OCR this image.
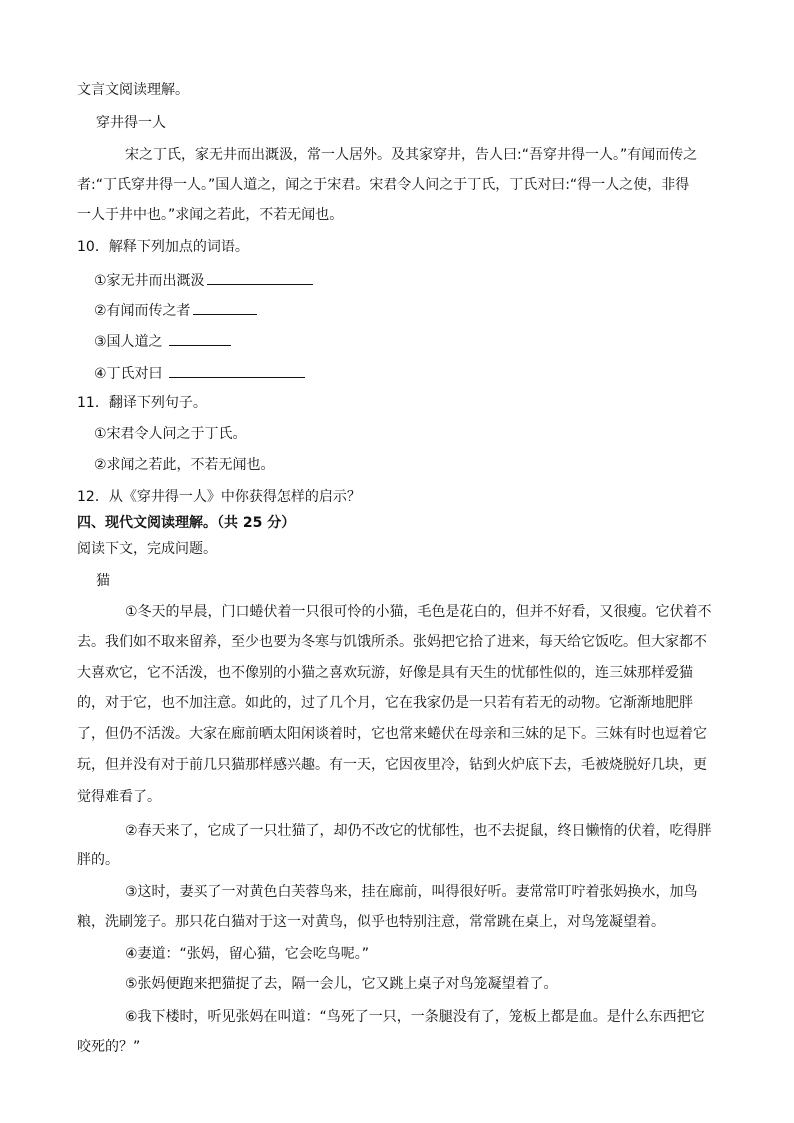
文言文阅读理解。
穿井得一人
宋之丁氏，家无井而出溉汲，常一人居外。及其家穿井，告人曰:“吾穿井得一人。”有闻而传之
者:“丁氏穿井得一人。”国人道之，闻之于宋君。宋君令人问之于丁氏，丁氏对曰:“得一人之使，非得
一人于井中也。”求闻之若此，不若无闻也。
10．解释下列加点的词语。
①家无井而出溉汲
②有闻而传之者
③国人道之
④丁氏对曰
11．翻译下列句子。
①宋君令人问之于丁氏。
②求闻之若此，不若无闻也。
12．从《穿井得一人》中你获得怎样的启示？
四、现代文阅读理解。（共 25 分）
阅读下文，完成问题。
猫
①冬天的早晨，门口蜷伏着一只很可怜的小猫，毛色是花白的，但并不好看，又很瘦。它伏着不
去。我们如不取来留养，至少也要为冬寒与饥饿所杀。张妈把它拾了进来，每天给它饭吃。但大家都不
大喜欢它，它不活泼，也不像别的小猫之喜欢玩游，好像是具有天生的忧郁性似的，连三妹那样爱猫
的，对于它，也不加注意。如此的，过了几个月，它在我家仍是一只若有若无的动物。它渐渐地肥胖
了，但仍不活泼。大家在廊前晒太阳闲谈着时，它也常来蜷伏在母亲和三妹的足下。三妹有时也逗着它
玩，但并没有对于前几只猫那样感兴趣。有一天，它因夜里冷，钻到火炉底下去，毛被烧脱好几块，更
觉得难看了。
②春天来了，它成了一只壮猫了，却仍不改它的忧郁性，也不去捉鼠，终日懒惰的伏着，吃得胖
胖的。
③这时，妻买了一对黄色白芙蓉鸟来，挂在廊前，叫得很好听。妻常常叮咛着张妈换水，加鸟
粮，洗刷笼子。那只花白猫对于这一对黄鸟，似乎也特别注意，常常跳在桌上，对鸟笼凝望着。
④妻道：“张妈，留心猫，它会吃鸟呢。”
⑤张妈便跑来把猫捉了去，隔一会儿，它又跳上桌子对鸟笼凝望着了。
⑥我下楼时，听见张妈在叫道：“鸟死了一只，一条腿没有了，笼板上都是血。是什么东西把它
咬死的？”
